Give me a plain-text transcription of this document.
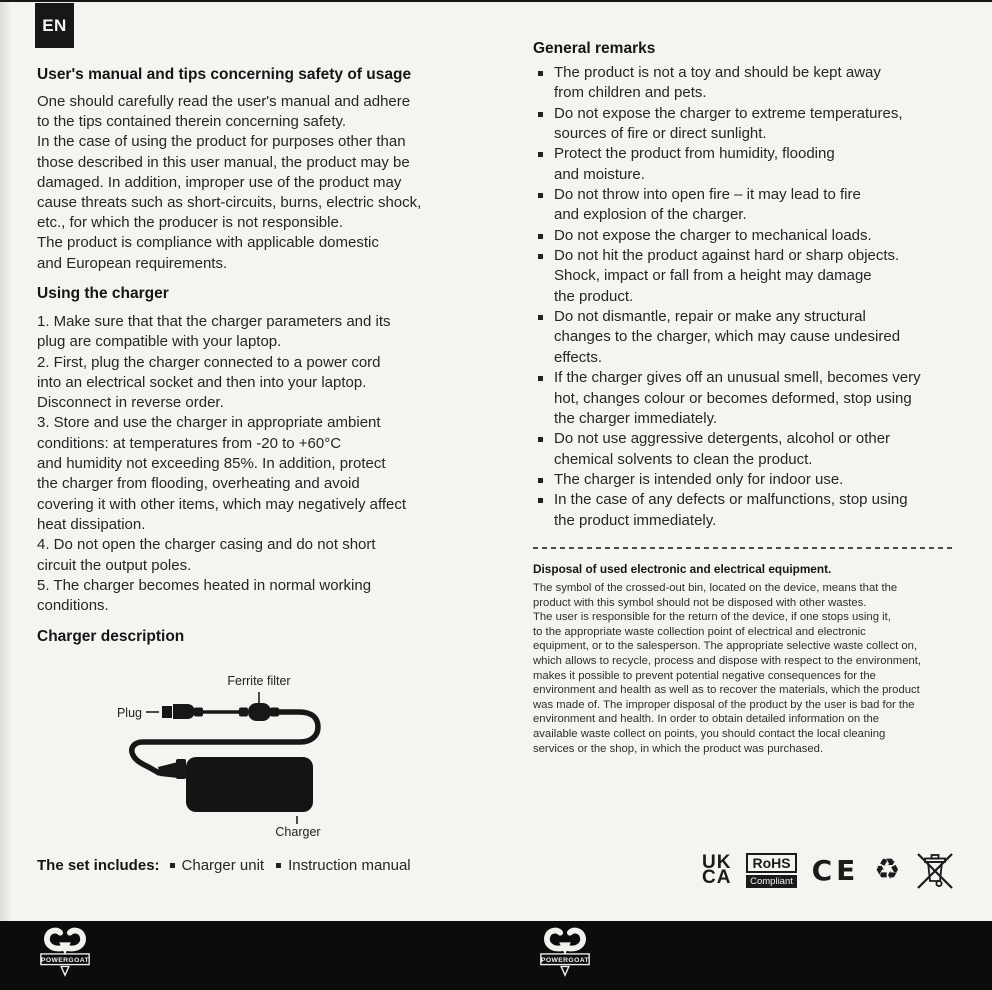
EN
User's manual and tips concerning safety of usage
One should carefully read the user's manual and adhere
to the tips contained therein concerning safety.
In the case of using the product for purposes other than
those described in this user manual, the product may be
damaged. In addition, improper use of the product may
cause threats such as short-circuits, burns, electric shock,
etc., for which the producer is not responsible.
The product is compliance with applicable domestic
and European requirements.
Using the charger
1. Make sure that that the charger parameters and its
plug are compatible with your laptop.
2. First, plug the charger connected to a power cord
into an electrical socket and then into your laptop.
Disconnect in reverse order.
3. Store and use the charger in appropriate ambient
conditions: at temperatures from -20 to +60°C
and humidity not exceeding 85%. In addition, protect
the charger from flooding, overheating and avoid
covering it with other items, which may negatively affect
heat dissipation.
4. Do not open the charger casing and do not short
circuit the output poles.
5. The charger becomes heated in normal working
conditions.
Charger description
Ferrite filter
Plug
Charger
The set includes: Charger unit Instruction manual
General remarks
The product is not a toy and should be kept away
from children and pets.
Do not expose the charger to extreme temperatures,
sources of fire or direct sunlight.
Protect the product from humidity, flooding
and moisture.
Do not throw into open fire – it may lead to fire
and explosion of the charger.
Do not expose the charger to mechanical loads.
Do not hit the product against hard or sharp objects.
Shock, impact or fall from a height may damage
the product.
Do not dismantle, repair or make any structural
changes to the charger, which may cause undesired
effects.
If the charger gives off an unusual smell, becomes very
hot, changes colour or becomes deformed, stop using
the charger immediately.
Do not use aggressive detergents, alcohol or other
chemical solvents to clean the product.
The charger is intended only for indoor use.
In the case of any defects or malfunctions, stop using
the product immediately.
Disposal of used electronic and electrical equipment.
The symbol of the crossed-out bin, located on the device, means that the
product with this symbol should not be disposed with other wastes.
The user is responsible for the return of the device, if one stops using it,
to the appropriate waste collection point of electrical and electronic
equipment, or to the salesperson. The appropriate selective waste collect on,
which allows to recycle, process and dispose with respect to the environment,
makes it possible to prevent potential negative consequences for the
environment and health as well as to recover the materials, which the product
was made of. The improper disposal of the product by the user is bad for the
environment and health. In order to obtain detailed information on the
available waste collect on points, you should contact the local cleaning
services or the shop, in which the product was purchased.
UK
CA
RoHS
Compliant CE ♻
POWERGOAT	POWERGOAT
